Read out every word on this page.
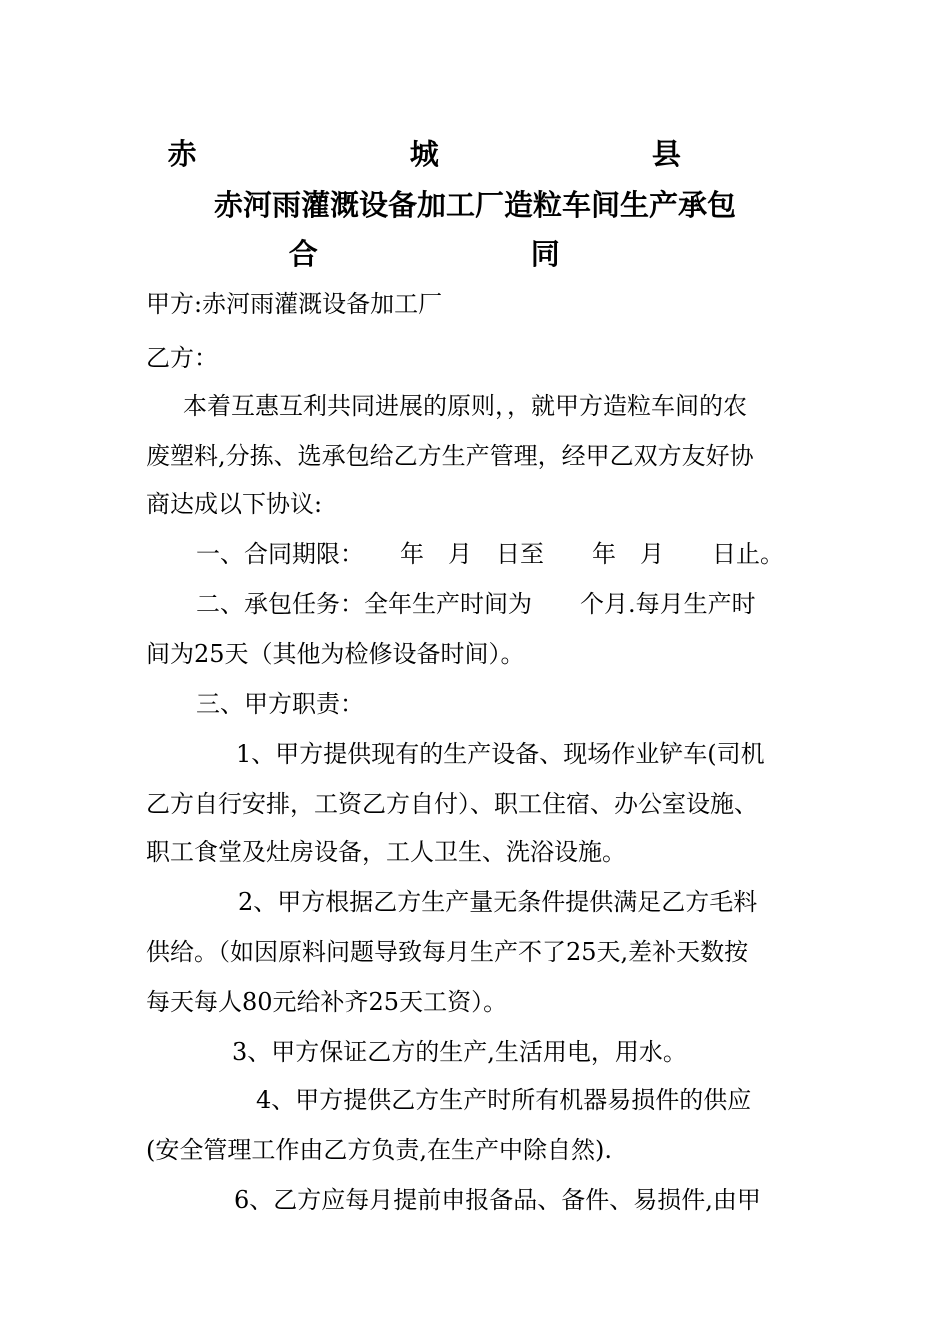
赤 城 县
赤河雨灌溉设备加工厂造粒车间生产承包
合 同
甲方:赤河雨灌溉设备加工厂
乙方：
本着互惠互利共同进展的原则，，就甲方造粒车间的农
废塑料,分拣、选承包给乙方生产管理，经甲乙双方友好协
商达成以下协议:
一、合同期限：　　年　月　日至　　年　月　　日止。
二、承包任务：全年生产时间为　　个月.每月生产时
间为25天（其他为检修设备时间）。
三、甲方职责：
1、甲方提供现有的生产设备、现场作业铲车(司机
乙方自行安排，工资乙方自付）、职工住宿、办公室设施、
职工食堂及灶房设备，工人卫生、洗浴设施。
2、甲方根据乙方生产量无条件提供满足乙方毛料
供给。（如因原料问题导致每月生产不了25天,差补天数按
每天每人80元给补齐25天工资）。
3、甲方保证乙方的生产,生活用电，用水。
4、甲方提供乙方生产时所有机器易损件的供应
(安全管理工作由乙方负责,在生产中除自然).
6、乙方应每月提前申报备品、备件、易损件,由甲
